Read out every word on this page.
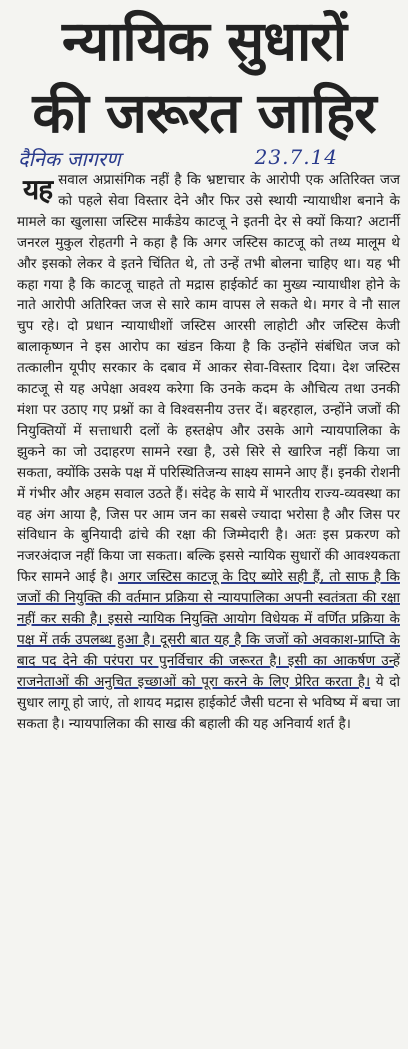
न्यायिक सुधारों
की जरूरत जाहिर
दैनिक जागरण	23.7.14

यह सवाल अप्रासंगिक नहीं है कि भ्रष्टाचार के आरोपी एक अतिरिक्त जज को पहले सेवा विस्तार देने और फिर उसे स्थायी न्यायाधीश बनाने के मामले का खुलासा जस्टिस मार्कंडेय काटजू ने इतनी देर से क्यों किया? अटार्नी जनरल मुकुल रोहतगी ने कहा है कि अगर जस्टिस काटजू को तथ्य मालूम थे और इसको लेकर वे इतने चिंतित थे, तो उन्हें तभी बोलना चाहिए था। यह भी कहा गया है कि काटजू चाहते तो मद्रास हाईकोर्ट का मुख्य न्यायाधीश होने के नाते आरोपी अतिरिक्त जज से सारे काम वापस ले सकते थे। मगर वे नौ साल चुप रहे। दो प्रधान न्यायाधीशों जस्टिस आरसी लाहोटी और जस्टिस केजी बालाकृष्णन ने इस आरोप का खंडन किया है कि उन्होंने संबंधित जज को तत्कालीन यूपीए सरकार के दबाव में आकर सेवा-विस्तार दिया। देश जस्टिस काटजू से यह अपेक्षा अवश्य करेगा कि उनके कदम के औचित्य तथा उनकी मंशा पर उठाए गए प्रश्नों का वे विश्वसनीय उत्तर दें। बहरहाल, उन्होंने जजों की नियुक्तियों में सत्ताधारी दलों के हस्तक्षेप और उसके आगे न्यायपालिका के झुकने का जो उदाहरण सामने रखा है, उसे सिरे से खारिज नहीं किया जा सकता, क्योंकि उसके पक्ष में परिस्थितिजन्य साक्ष्य सामने आए हैं। इनकी रोशनी में गंभीर और अहम सवाल उठते हैं। संदेह के साये में भारतीय राज्य-व्यवस्था का वह अंग आया है, जिस पर आम जन का सबसे ज्यादा भरोसा है और जिस पर संविधान के बुनियादी ढांचे की रक्षा की जिम्मेदारी है। अतः इस प्रकरण को नजरअंदाज नहीं किया जा सकता। बल्कि इससे न्यायिक सुधारों की आवश्यकता फिर सामने आई है। अगर जस्टिस काटजू के दिए ब्योरे सही हैं, तो साफ है कि जजों की नियुक्ति की वर्तमान प्रक्रिया से न्यायपालिका अपनी स्वतंत्रता की रक्षा नहीं कर सकी है। इससे न्यायिक नियुक्ति आयोग विधेयक में वर्णित प्रक्रिया के पक्ष में तर्क उपलब्ध हुआ है। दूसरी बात यह है कि जजों को अवकाश-प्राप्ति के बाद पद देने की परंपरा पर पुनर्विचार की जरूरत है। इसी का आकर्षण उन्हें राजनेताओं की अनुचित इच्छाओं को पूरा करने के लिए प्रेरित करता है। ये दो सुधार लागू हो जाएं, तो शायद मद्रास हाईकोर्ट जैसी घटना से भविष्य में बचा जा सकता है। न्यायपालिका की साख की बहाली की यह अनिवार्य शर्त है।
